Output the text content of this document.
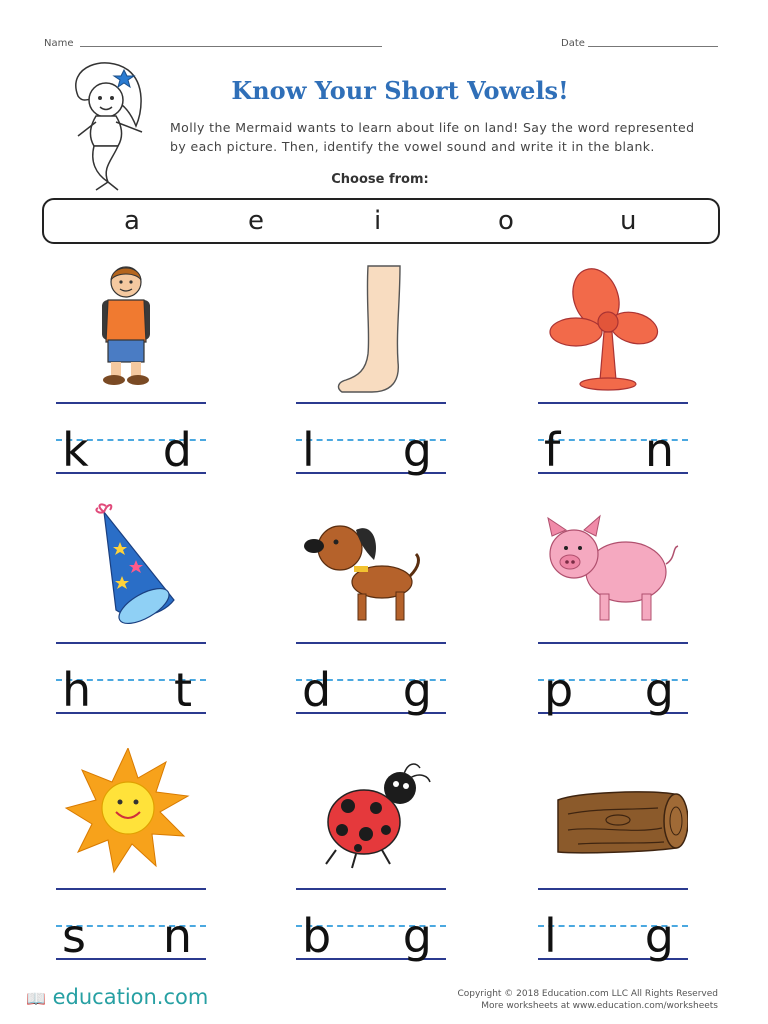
Name	Date
Know Your Short Vowels!
Molly the Mermaid wants to learn about life on land! Say the word represented by each picture. Then, identify the vowel sound and write it in the blank.
Choose from:
a	e	i	o	u
k d l g f n
h t d g p g
s n b g l g
📖 education.com	Copyright © 2018 Education.com LLC All Rights Reserved
More worksheets at www.education.com/worksheets
